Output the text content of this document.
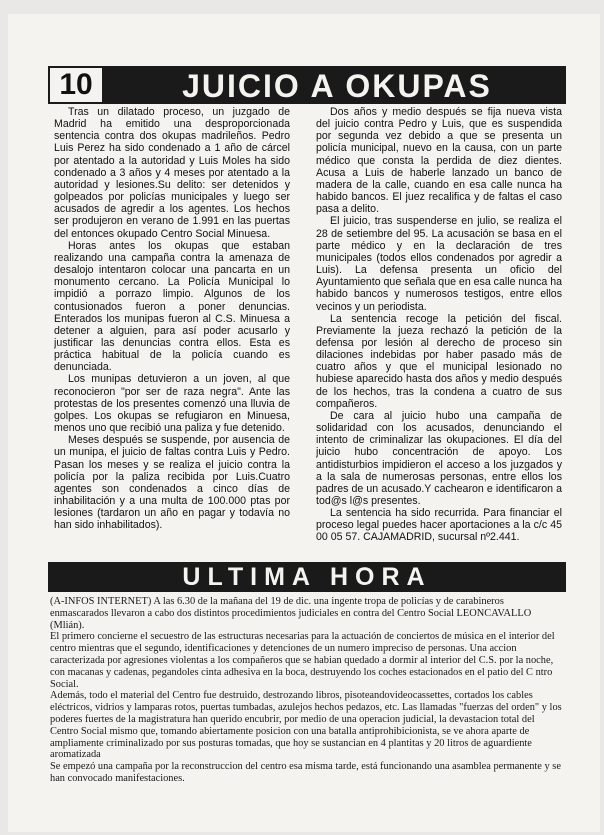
10	JUICIO A OKUPAS

Tras un dilatado proceso, un juzgado de Madrid ha emitido una desproporcionada sentencia contra dos okupas madrileños. Pedro Luis Perez ha sido condenado a 1 año de cárcel por atentado a la autoridad y Luis Moles ha sido condenado a 3 años y 4 meses por atentado a la autoridad y lesiones.Su delito: ser detenidos y golpeados por policías municipales y luego ser acusados de agredir a los agentes. Los hechos ser produjeron en verano de 1.991 en las puertas del entonces okupado Centro Social Minuesa.

Horas antes los okupas que estaban realizando una campaña contra la amenaza de desalojo intentaron colocar una pancarta en un monumento cercano. La Policía Municipal lo impidió a porrazo limpio. Algunos de los contusionados fueron a poner denuncias. Enterados los munipas fueron al C.S. Minuesa a detener a alguien, para así poder acusarlo y justificar las denuncias contra ellos. Esta es práctica habitual de la policía cuando es denunciada.

Los munipas detuvieron a un joven, al que reconocieron "por ser de raza negra". Ante las protestas de los presentes comenzó una lluvia de golpes. Los okupas se refugiaron en Minuesa, menos uno que recibió una paliza y fue detenido.

Meses después se suspende, por ausencia de un munipa, el juicio de faltas contra Luis y Pedro. Pasan los meses y se realiza el juicio contra la policía por la paliza recibida por Luis.Cuatro agentes son condenados a cinco días de inhabilitación y a una multa de 100.000 ptas por lesiones (tardaron un año en pagar y todavía no han sido inhabilitados).

Dos años y medio después se fija nueva vista del juicio contra Pedro y Luis, que es suspendida por segunda vez debido a que se presenta un policía municipal, nuevo en la causa, con un parte médico que consta la perdida de diez dientes. Acusa a Luis de haberle lanzado un banco de madera de la calle, cuando en esa calle nunca ha habido bancos. El juez recalifica y de faltas el caso pasa a delito.

El juicio, tras suspenderse en julio, se realiza el 28 de setiembre del 95. La acusación se basa en el parte médico y en la declaración de tres municipales (todos ellos condenados por agredir a Luis). La defensa presenta un oficio del Ayuntamiento que señala que en esa calle nunca ha habido bancos y numerosos testigos, entre ellos vecinos y un periodista.

La sentencia recoge la petición del fiscal. Previamente la jueza rechazó la petición de la defensa por lesión al derecho de proceso sin dilaciones indebidas por haber pasado más de cuatro años y que el municipal lesionado no hubiese aparecido hasta dos años y medio después de los hechos, tras la condena a cuatro de sus compañeros.

De cara al juicio hubo una campaña de solidaridad con los acusados, denunciando el intento de criminalizar las okupaciones. El día del juicio hubo concentración de apoyo. Los antidisturbios impidieron el acceso a los juzgados y a la sala de numerosas personas, entre ellos los padres de un acusado.Y cachearon e identificaron a tod@s l@s presentes.

La sentencia ha sido recurrida. Para financiar el proceso legal puedes hacer aportaciones a la c/c 45 00 05 57. CAJAMADRID, sucursal nº2.441.

ULTIMA HORA

(A-INFOS INTERNET) A las 6.30 de la mañana del 19 de dic. una ingente tropa de policías y de carabineros enmascarados llevaron a cabo dos distintos procedimientos judiciales en contra del Centro Social LEONCAVALLO (Mlián).

El primero concierne el secuestro de las estructuras necesarias para la actuación de conciertos de música en el interior del centro mientras que el segundo, identificaciones y detenciones de un numero impreciso de personas. Una accion caracterizada por agresiones violentas a los compañeros que se habian quedado a dormir al interior del C.S. por la noche, con macanas y cadenas, pegandoles cinta adhesiva en la boca, destruyendo los coches estacionados en el patio del C ntro Social.

Además, todo el material del Centro fue destruido, destrozando libros, pisoteandovideocassettes, cortados los cables eléctricos, vidrios y lamparas rotos, puertas tumbadas, azulejos hechos pedazos, etc. Las llamadas "fuerzas del orden" y los poderes fuertes de la magistratura han querido encubrir, por medio de una operacion judicial, la devastacion total del Centro Social mismo que, tomando abiertamente posicion con una batalla antiprohibicionista, se ve ahora aparte de ampliamente criminalizado por sus posturas tomadas, que hoy se sustancian en 4 plantitas y 20 litros de aguardiente aromatizada

Se empezó una campaña por la reconstruccion del centro esa misma tarde, está funcionando una asamblea permanente y se han convocado manifestaciones.
